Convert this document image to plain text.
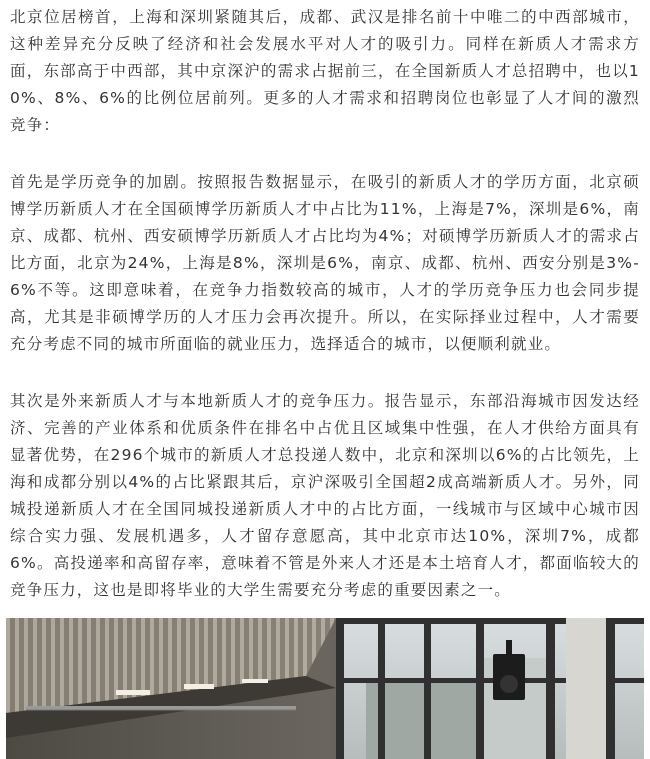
北京位居榜首，上海和深圳紧随其后，成都、武汉是排名前十中唯二的中西部城市，这种差异充分反映了经济和社会发展水平对人才的吸引力。同样在新质人才需求方面，东部高于中西部，其中京深沪的需求占据前三，在全国新质人才总招聘中，也以10%、8%、6%的比例位居前列。更多的人才需求和招聘岗位也彰显了人才间的激烈竞争：

首先是学历竞争的加剧。按照报告数据显示，在吸引的新质人才的学历方面，北京硕博学历新质人才在全国硕博学历新质人才中占比为11%，上海是7%，深圳是6%，南京、成都、杭州、西安硕博学历新质人才占比均为4%；对硕博学历新质人才的需求占比方面，北京为24%，上海是8%，深圳是6%，南京、成都、杭州、西安分别是3%-6%不等。这即意味着，在竞争力指数较高的城市，人才的学历竞争压力也会同步提高，尤其是非硕博学历的人才压力会再次提升。所以，在实际择业过程中，人才需要充分考虑不同的城市所面临的就业压力，选择适合的城市，以便顺利就业。

其次是外来新质人才与本地新质人才的竞争压力。报告显示，东部沿海城市因发达经济、完善的产业体系和优质条件在排名中占优且区域集中性强，在人才供给方面具有显著优势，在296个城市的新质人才总投递人数中，北京和深圳以6%的占比领先，上海和成都分别以4%的占比紧跟其后，京沪深吸引全国超2成高端新质人才。另外，同城投递新质人才在全国同城投递新质人才中的占比方面，一线城市与区域中心城市因综合实力强、发展机遇多，人才留存意愿高，其中北京市达10%，深圳7%，成都6%。高投递率和高留存率，意味着不管是外来人才还是本土培育人才，都面临较大的竞争压力，这也是即将毕业的大学生需要充分考虑的重要因素之一。
